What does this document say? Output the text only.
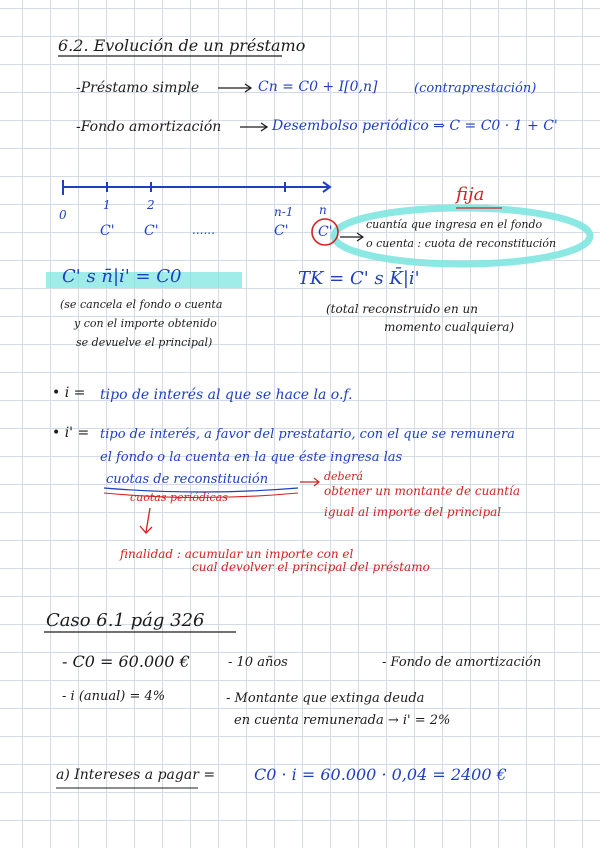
6.2. Evolución de un préstamo
-Préstamo simple	Cn = C0 + I[0,n]	(contraprestación)
-Fondo amortización	Desembolso periódico ⇒ C = C0 · 1 + C'
0
1	2	n-1 n
C' C'	......	C' C'
fija
cuantía que ingresa en el fondo
o cuenta : cuota de reconstitución
C' s n̄|i' = C0
(se cancela el fondo o cuenta
y con el importe obtenido
se devuelve el principal)
TK = C' s K̄|i'
(total reconstruido en un
momento cualquiera)
• i = tipo de interés al que se hace la o.f.
• i' = tipo de interés, a favor del prestatario, con el que se remunera
el fondo o la cuenta en la que éste ingresa las
cuotas de reconstitución
cuotas periódicas
deberá
obtener un montante de cuantía
igual al importe del principal
finalidad : acumular un importe con el
cual devolver el principal del préstamo
Caso 6.1 pág 326
- C0 = 60.000 €	- 10 años	- Fondo de amortización
- i (anual) = 4%	- Montante que extinga deuda
en cuenta remunerada → i' = 2%
a) Intereses a pagar = C0 · i = 60.000 · 0,04 = 2400 €
